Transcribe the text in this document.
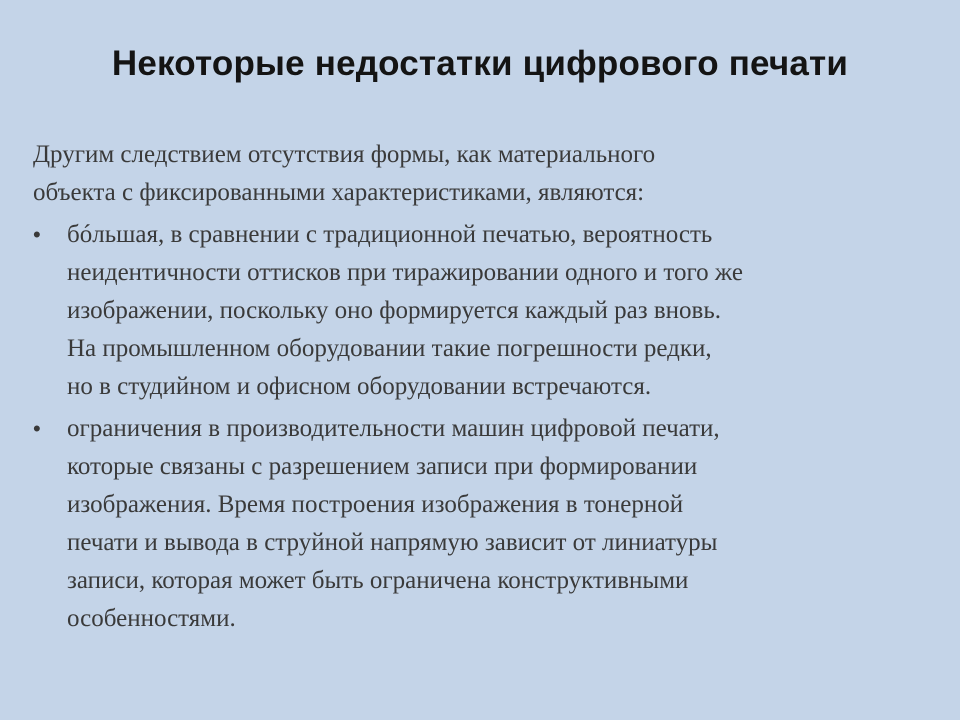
Некоторые недостатки цифрового печати

Другим следствием отсутствия формы, как материального
объекта с фиксированными характеристиками, являются:

• бóльшая, в сравнении с традиционной печатью, вероятность
неидентичности оттисков при тиражировании одного и того же
изображении, поскольку оно формируется каждый раз вновь.
На промышленном оборудовании такие погрешности редки,
но в студийном и офисном оборудовании встречаются.
• ограничения в производительности машин цифровой печати,
которые связаны с разрешением записи при формировании
изображения. Время построения изображения в тонерной
печати и вывода в струйной напрямую зависит от линиатуры
записи, которая может быть ограничена конструктивными
особенностями.
